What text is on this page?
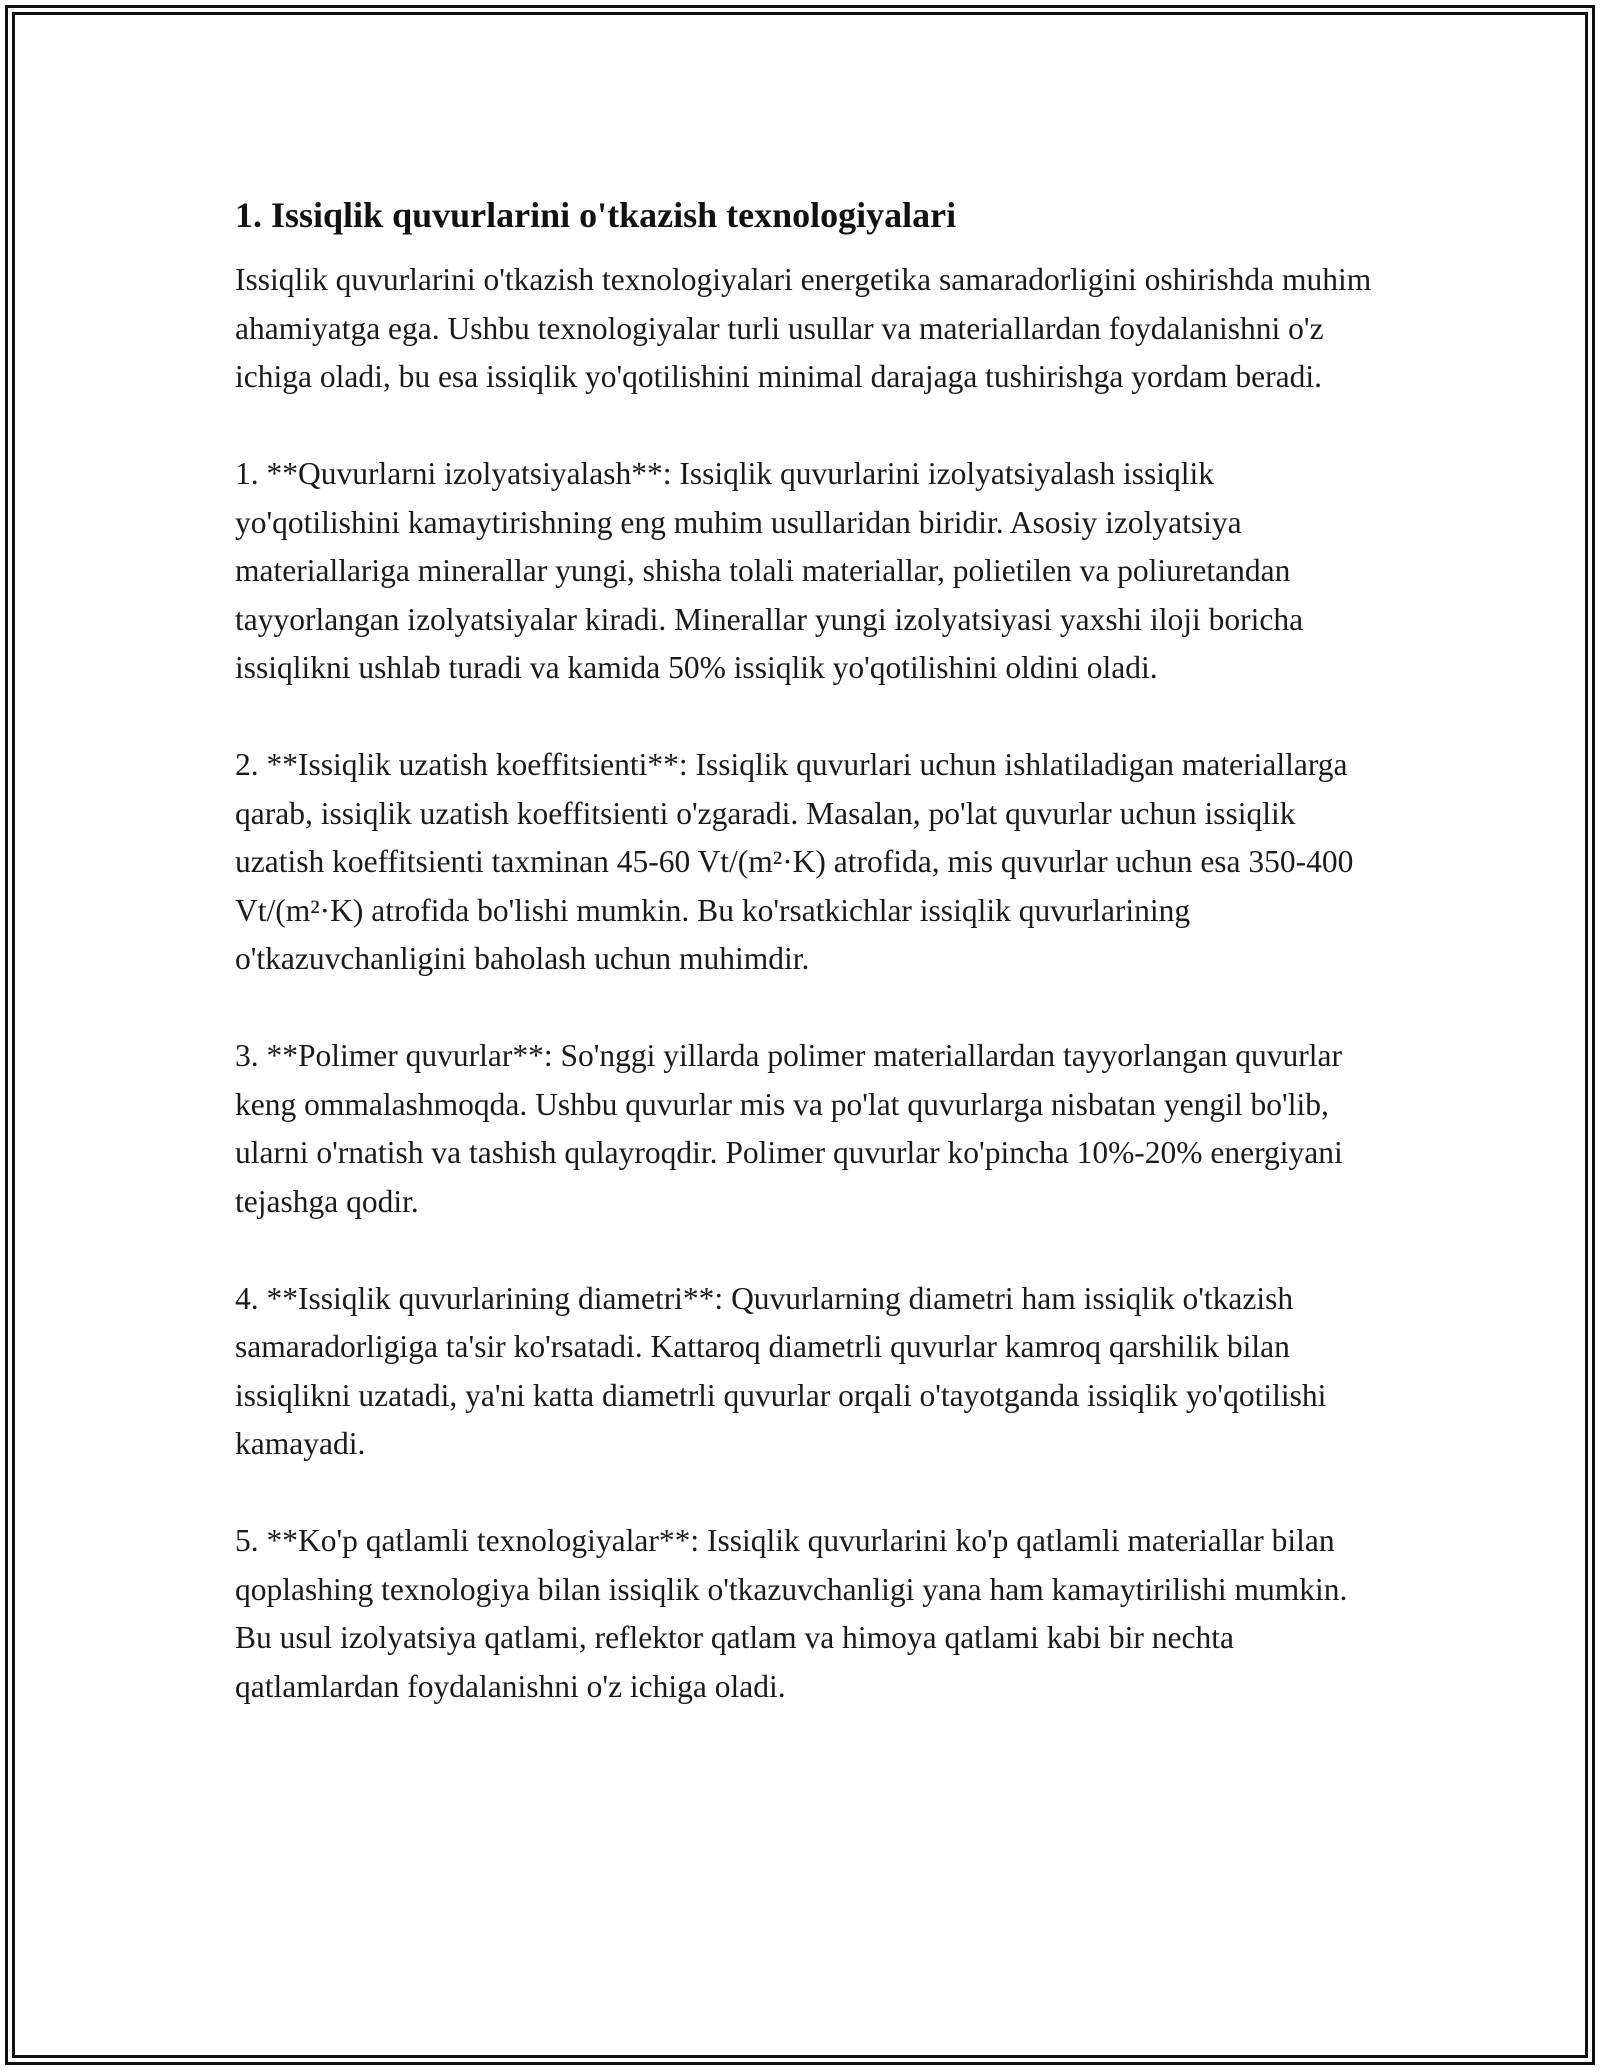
1. Issiqlik quvurlarini o'tkazish texnologiyalari

Issiqlik quvurlarini o'tkazish texnologiyalari energetika samaradorligini oshirishda muhim ahamiyatga ega. Ushbu texnologiyalar turli usullar va materiallardan foydalanishni o'z ichiga oladi, bu esa issiqlik yo'qotilishini minimal darajaga tushirishga yordam beradi.

1. **Quvurlarni izolyatsiyalash**: Issiqlik quvurlarini izolyatsiyalash issiqlik yo'qotilishini kamaytirishning eng muhim usullaridan biridir. Asosiy izolyatsiya materiallariga minerallar yungi, shisha tolali materiallar, polietilen va poliuretandan tayyorlangan izolyatsiyalar kiradi. Minerallar yungi izolyatsiyasi yaxshi iloji boricha issiqlikni ushlab turadi va kamida 50% issiqlik yo'qotilishini oldini oladi.

2. **Issiqlik uzatish koeffitsienti**: Issiqlik quvurlari uchun ishlatiladigan materiallarga qarab, issiqlik uzatish koeffitsienti o'zgaradi. Masalan, po'lat quvurlar uchun issiqlik uzatish koeffitsienti taxminan 45-60 Vt/(m²·K) atrofida, mis quvurlar uchun esa 350-400 Vt/(m²·K) atrofida bo'lishi mumkin. Bu ko'rsatkichlar issiqlik quvurlarining o'tkazuvchanligini baholash uchun muhimdir.

3. **Polimer quvurlar**: So'nggi yillarda polimer materiallardan tayyorlangan quvurlar keng ommalashmoqda. Ushbu quvurlar mis va po'lat quvurlarga nisbatan yengil bo'lib, ularni o'rnatish va tashish qulayroqdir. Polimer quvurlar ko'pincha 10%-20% energiyani tejashga qodir.

4. **Issiqlik quvurlarining diametri**: Quvurlarning diametri ham issiqlik o'tkazish samaradorligiga ta'sir ko'rsatadi. Kattaroq diametrli quvurlar kamroq qarshilik bilan issiqlikni uzatadi, ya'ni katta diametrli quvurlar orqali o'tayotganda issiqlik yo'qotilishi kamayadi.

5. **Ko'p qatlamli texnologiyalar**: Issiqlik quvurlarini ko'p qatlamli materiallar bilan qoplashing texnologiya bilan issiqlik o'tkazuvchanligi yana ham kamaytirilishi mumkin. Bu usul izolyatsiya qatlami, reflektor qatlam va himoya qatlami kabi bir nechta qatlamlardan foydalanishni o'z ichiga oladi.
